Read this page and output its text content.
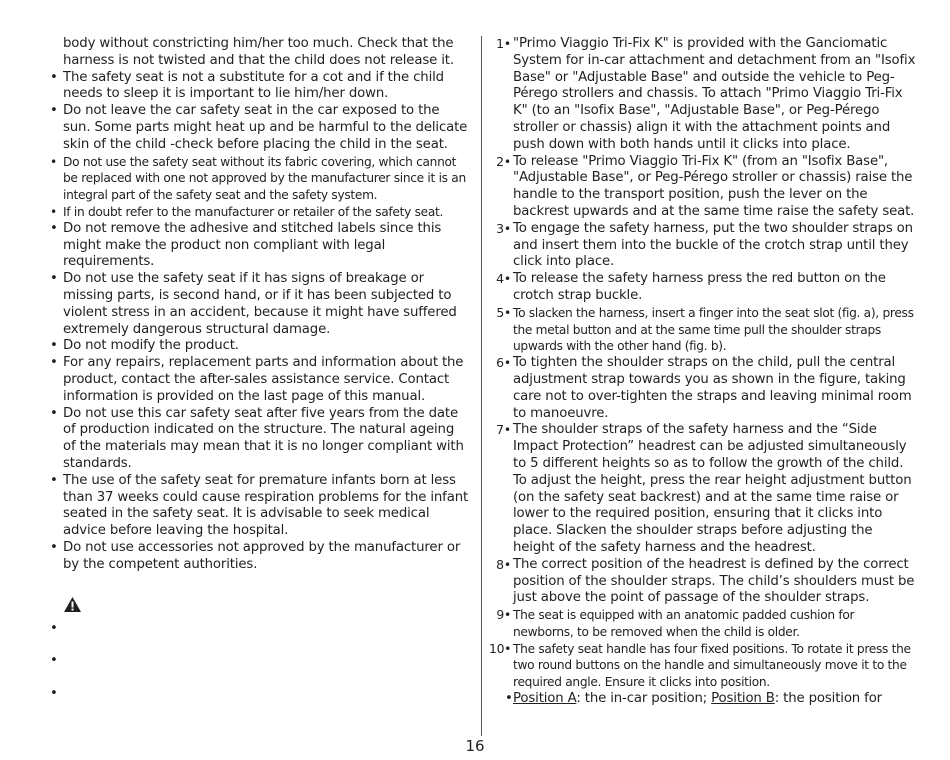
body without constricting him/her too much. Check that the harness is not twisted and that the child does not release it.
• The safety seat is not a substitute for a cot and if the child needs to sleep it is important to lie him/her down.
• Do not leave the car safety seat in the car exposed to the sun. Some parts might heat up and be harmful to the delicate skin of the child -check before placing the child in the seat.
• Do not use the safety seat without its fabric covering, which cannot be replaced with one not approved by the manufacturer since it is an integral part of the safety seat and the safety system.
• If in doubt refer to the manufacturer or retailer of the safety seat.
• Do not remove the adhesive and stitched labels since this might make the product non compliant with legal requirements.
• Do not use the safety seat if it has signs of breakage or missing parts, is second hand, or if it has been subjected to violent stress in an accident, because it might have suffered extremely dangerous structural damage.
• Do not modify the product.
• For any repairs, replacement parts and information about the product, contact the after-sales assistance service. Contact information is provided on the last page of this manual.
• Do not use this car safety seat after five years from the date of production indicated on the structure. The natural ageing of the materials may mean that it is no longer compliant with standards.
• The use of the safety seat for premature infants born at less than 37 weeks could cause respiration problems for the infant seated in the safety seat. It is advisable to seek medical advice before leaving the hospital.
• Do not use accessories not approved by the manufacturer or by the competent authorities.
•
•
•
1• "Primo Viaggio Tri-Fix K" is provided with the Ganciomatic System for in-car attachment and detachment from an "Isofix Base" or "Adjustable Base" and outside the vehicle to Peg-Pérego strollers and chassis. To attach "Primo Viaggio Tri-Fix K" (to an "Isofix Base", "Adjustable Base", or Peg-Pérego stroller or chassis) align it with the attachment points and push down with both hands until it clicks into place.
2• To release "Primo Viaggio Tri-Fix K" (from an "Isofix Base", "Adjustable Base", or Peg-Pérego stroller or chassis) raise the handle to the transport position, push the lever on the backrest upwards and at the same time raise the safety seat.
3• To engage the safety harness, put the two shoulder straps on and insert them into the buckle of the crotch strap until they click into place.
4• To release the safety harness press the red button on the crotch strap buckle.
5• To slacken the harness, insert a finger into the seat slot (fig. a), press the metal button and at the same time pull the shoulder straps upwards with the other hand (fig. b).
6• To tighten the shoulder straps on the child, pull the central adjustment strap towards you as shown in the figure, taking care not to over-tighten the straps and leaving minimal room to manoeuvre.
7• The shoulder straps of the safety harness and the “Side Impact Protection” headrest can be adjusted simultaneously to 5 different heights so as to follow the growth of the child. To adjust the height, press the rear height adjustment button (on the safety seat backrest) and at the same time raise or lower to the required position, ensuring that it clicks into place. Slacken the shoulder straps before adjusting the height of the safety harness and the headrest.
8• The correct position of the headrest is defined by the correct position of the shoulder straps. The child’s shoulders must be just above the point of passage of the shoulder straps.
9• The seat is equipped with an anatomic padded cushion for newborns, to be removed when the child is older.
10• The safety seat handle has four fixed positions. To rotate it press the two round buttons on the handle and simultaneously move it to the required angle. Ensure it clicks into position.
• Position A: the in-car position; Position B: the position for
16
